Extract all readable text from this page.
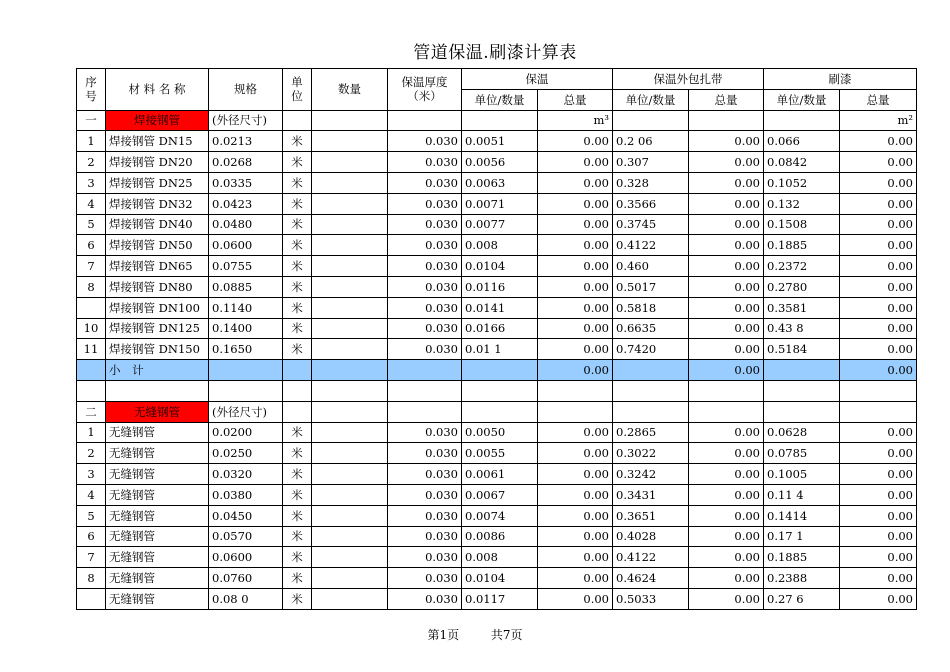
管道保温.刷漆计算表
序号	材 料 名 称	规格	单位	数量	保温厚度（米）	保温		保温外包扎带		刷漆	
						单位/数量	总量	单位/数量	总量	单位/数量	总量
一	焊接钢管	(外径尺寸)					m³				m²
1	焊接钢管 DN15	0.0213	米		0.030	0.0051	0.00	0.2 06	0.00	0.066	0.00
2	焊接钢管 DN20	0.0268	米		0.030	0.0056	0.00	0.307	0.00	0.0842	0.00
3	焊接钢管 DN25	0.0335	米		0.030	0.0063	0.00	0.328	0.00	0.1052	0.00
4	焊接钢管 DN32	0.0423	米		0.030	0.0071	0.00	0.3566	0.00	0.132	0.00
5	焊接钢管 DN40	0.0480	米		0.030	0.0077	0.00	0.3745	0.00	0.1508	0.00
6	焊接钢管 DN50	0.0600	米		0.030	0.008	0.00	0.4122	0.00	0.1885	0.00
7	焊接钢管 DN65	0.0755	米		0.030	0.0104	0.00	0.460	0.00	0.2372	0.00
8	焊接钢管 DN80	0.0885	米		0.030	0.0116	0.00	0.5017	0.00	0.2780	0.00
	焊接钢管 DN100	0.1140	米		0.030	0.0141	0.00	0.5818	0.00	0.3581	0.00
10	焊接钢管 DN125	0.1400	米		0.030	0.0166	0.00	0.6635	0.00	0.43 8	0.00
11	焊接钢管 DN150	0.1650	米		0.030	0.01 1	0.00	0.7420	0.00	0.5184	0.00
	小 计						0.00		0.00		0.00

二	无缝钢管	(外径尺寸)									
1	无缝钢管	0.0200	米		0.030	0.0050	0.00	0.2865	0.00	0.0628	0.00
2	无缝钢管	0.0250	米		0.030	0.0055	0.00	0.3022	0.00	0.0785	0.00
3	无缝钢管	0.0320	米		0.030	0.0061	0.00	0.3242	0.00	0.1005	0.00
4	无缝钢管	0.0380	米		0.030	0.0067	0.00	0.3431	0.00	0.11 4	0.00
5	无缝钢管	0.0450	米		0.030	0.0074	0.00	0.3651	0.00	0.1414	0.00
6	无缝钢管	0.0570	米		0.030	0.0086	0.00	0.4028	0.00	0.17 1	0.00
7	无缝钢管	0.0600	米		0.030	0.008	0.00	0.4122	0.00	0.1885	0.00
8	无缝钢管	0.0760	米		0.030	0.0104	0.00	0.4624	0.00	0.2388	0.00
	无缝钢管	0.08 0	米		0.030	0.0117	0.00	0.5033	0.00	0.27 6	0.00
第1页	共7页
